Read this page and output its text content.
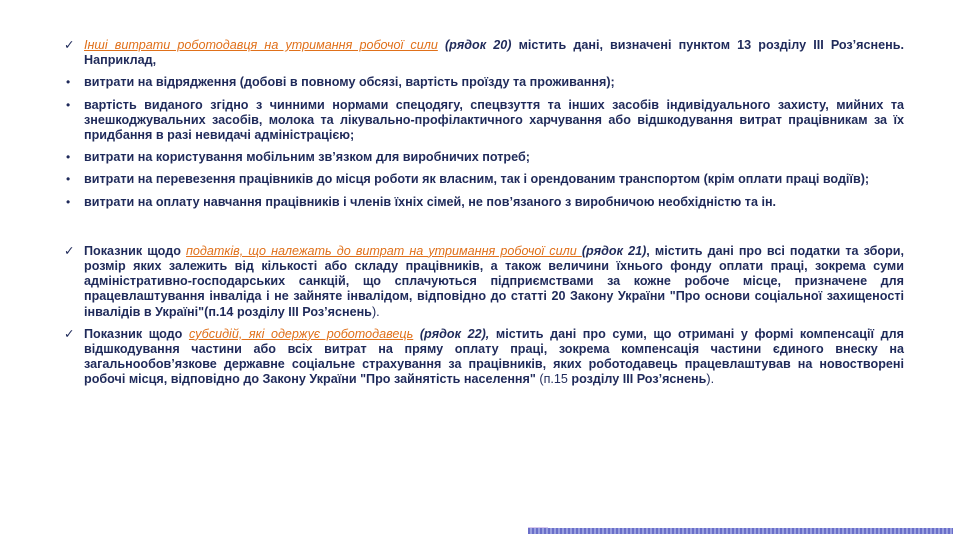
✓ Інші витрати роботодавця на утримання робочої сили (рядок 20) містить дані, визначені пунктом 13 розділу ІІІ Роз’яснень. Наприклад,
•	витрати на відрядження (добові в повному обсязі, вартість проїзду та проживання);
•	вартість виданого згідно з чинними нормами спецодягу, спецвзуття та інших засобів індивідуального захисту, мийних та знешкоджувальних засобів, молока та лікувально-профілактичного харчування або відшкодування витрат працівникам за їх придбання в разі невидачі адміністрацією;
•	витрати на користування мобільним зв’язком для виробничих потреб;
•	витрати на перевезення працівників до місця роботи як власним, так і орендованим транспортом (крім оплати праці водіїв);
•	витрати на оплату навчання працівників і членів їхніх сімей, не пов’язаного з виробничою необхідністю та ін.
✓ Показник щодо податків, що належать до витрат на утримання робочої сили (рядок 21), містить дані про всі податки та збори, розмір яких залежить від кількості або складу працівників, а також величини їхнього фонду оплати праці, зокрема суми адміністративно-господарських санкцій, що сплачуються підприємствами за кожне робоче місце, призначене для працевлаштування інваліда і не зайняте інвалідом, відповідно до статті 20 Закону України "Про основи соціальної захищеності інвалідів в Україні"(п.14 розділу ІІІ Роз’яснень).
✓ Показник щодо субсидій, які одержує роботодавець (рядок 22), містить дані про суми, що отримані у формі компенсації для відшкодування частини або всіх витрат на пряму оплату праці, зокрема компенсація частини єдиного внеску на загальнообов’язкове державне соціальне страхування за працівників, яких роботодавець працевлаштував на новостворені робочі місця, відповідно до Закону України "Про зайнятість населення" (п.15 розділу ІІІ Роз’яснень).
